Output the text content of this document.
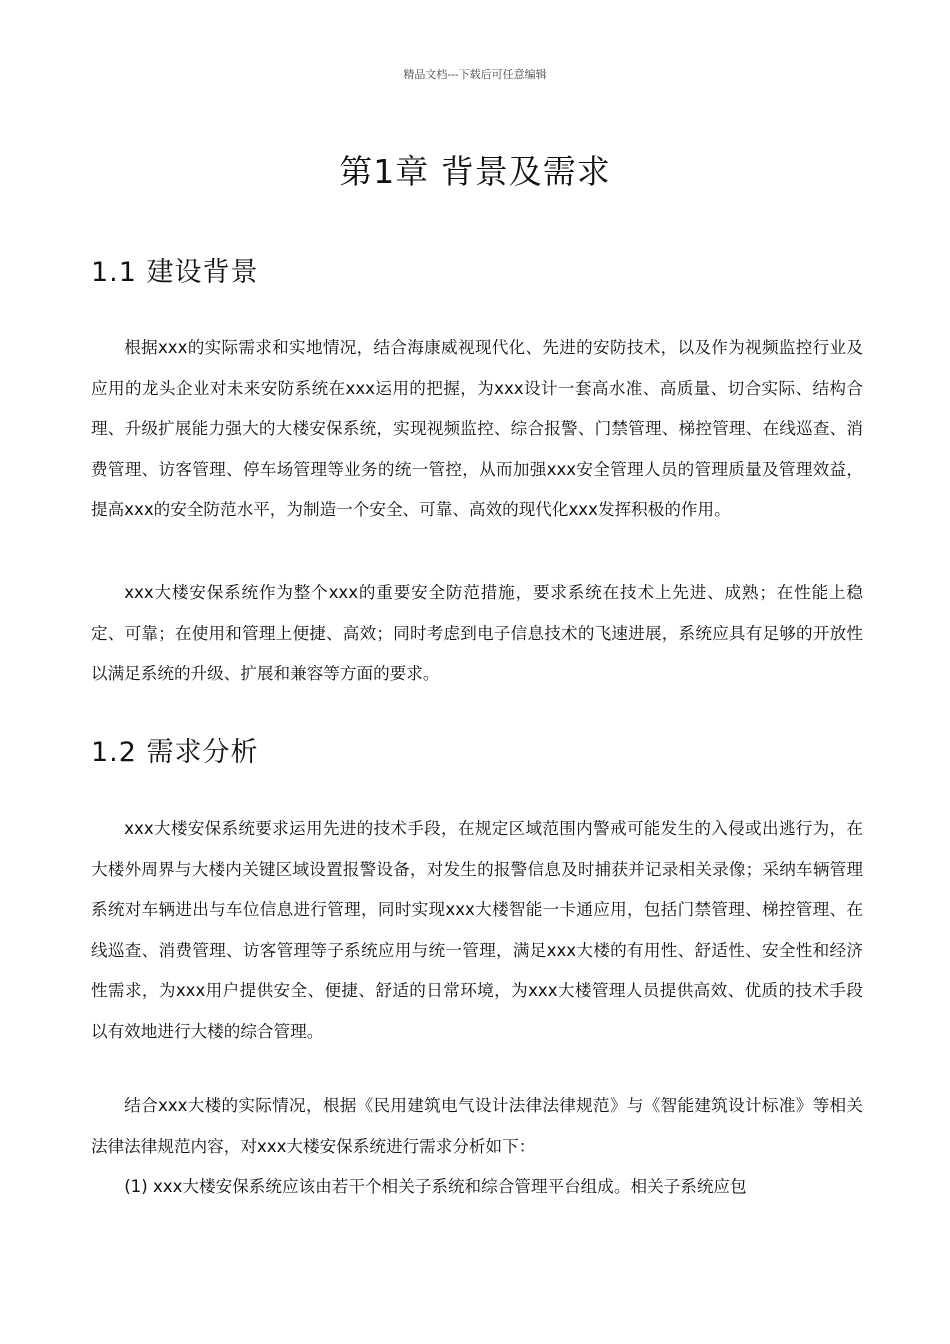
精品文档---下载后可任意编辑
第1章 背景及需求
1.1 建设背景

根据xxx的实际需求和实地情况，结合海康威视现代化、先进的安防技术，以及作为视频监控行业及应用的龙头企业对未来安防系统在xxx运用的把握，为xxx设计一套高水准、高质量、切合实际、结构合理、升级扩展能力强大的大楼安保系统，实现视频监控、综合报警、门禁管理、梯控管理、在线巡查、消费管理、访客管理、停车场管理等业务的统一管控，从而加强xxx安全管理人员的管理质量及管理效益，提高xxx的安全防范水平，为制造一个安全、可靠、高效的现代化xxx发挥积极的作用。

xxx大楼安保系统作为整个xxx的重要安全防范措施，要求系统在技术上先进、成熟；在性能上稳定、可靠；在使用和管理上便捷、高效；同时考虑到电子信息技术的飞速进展，系统应具有足够的开放性以满足系统的升级、扩展和兼容等方面的要求。

1.2 需求分析

xxx大楼安保系统要求运用先进的技术手段，在规定区域范围内警戒可能发生的入侵或出逃行为，在大楼外周界与大楼内关键区域设置报警设备，对发生的报警信息及时捕获并记录相关录像；采纳车辆管理系统对车辆进出与车位信息进行管理，同时实现xxx大楼智能一卡通应用，包括门禁管理、梯控管理、在线巡查、消费管理、访客管理等子系统应用与统一管理，满足xxx大楼的有用性、舒适性、安全性和经济性需求，为xxx用户提供安全、便捷、舒适的日常环境，为xxx大楼管理人员提供高效、优质的技术手段以有效地进行大楼的综合管理。

结合xxx大楼的实际情况，根据《民用建筑电气设计法律法律规范》与《智能建筑设计标准》等相关法律法律规范内容，对xxx大楼安保系统进行需求分析如下：

(1) xxx大楼安保系统应该由若干个相关子系统和综合管理平台组成。相关子系统应包
